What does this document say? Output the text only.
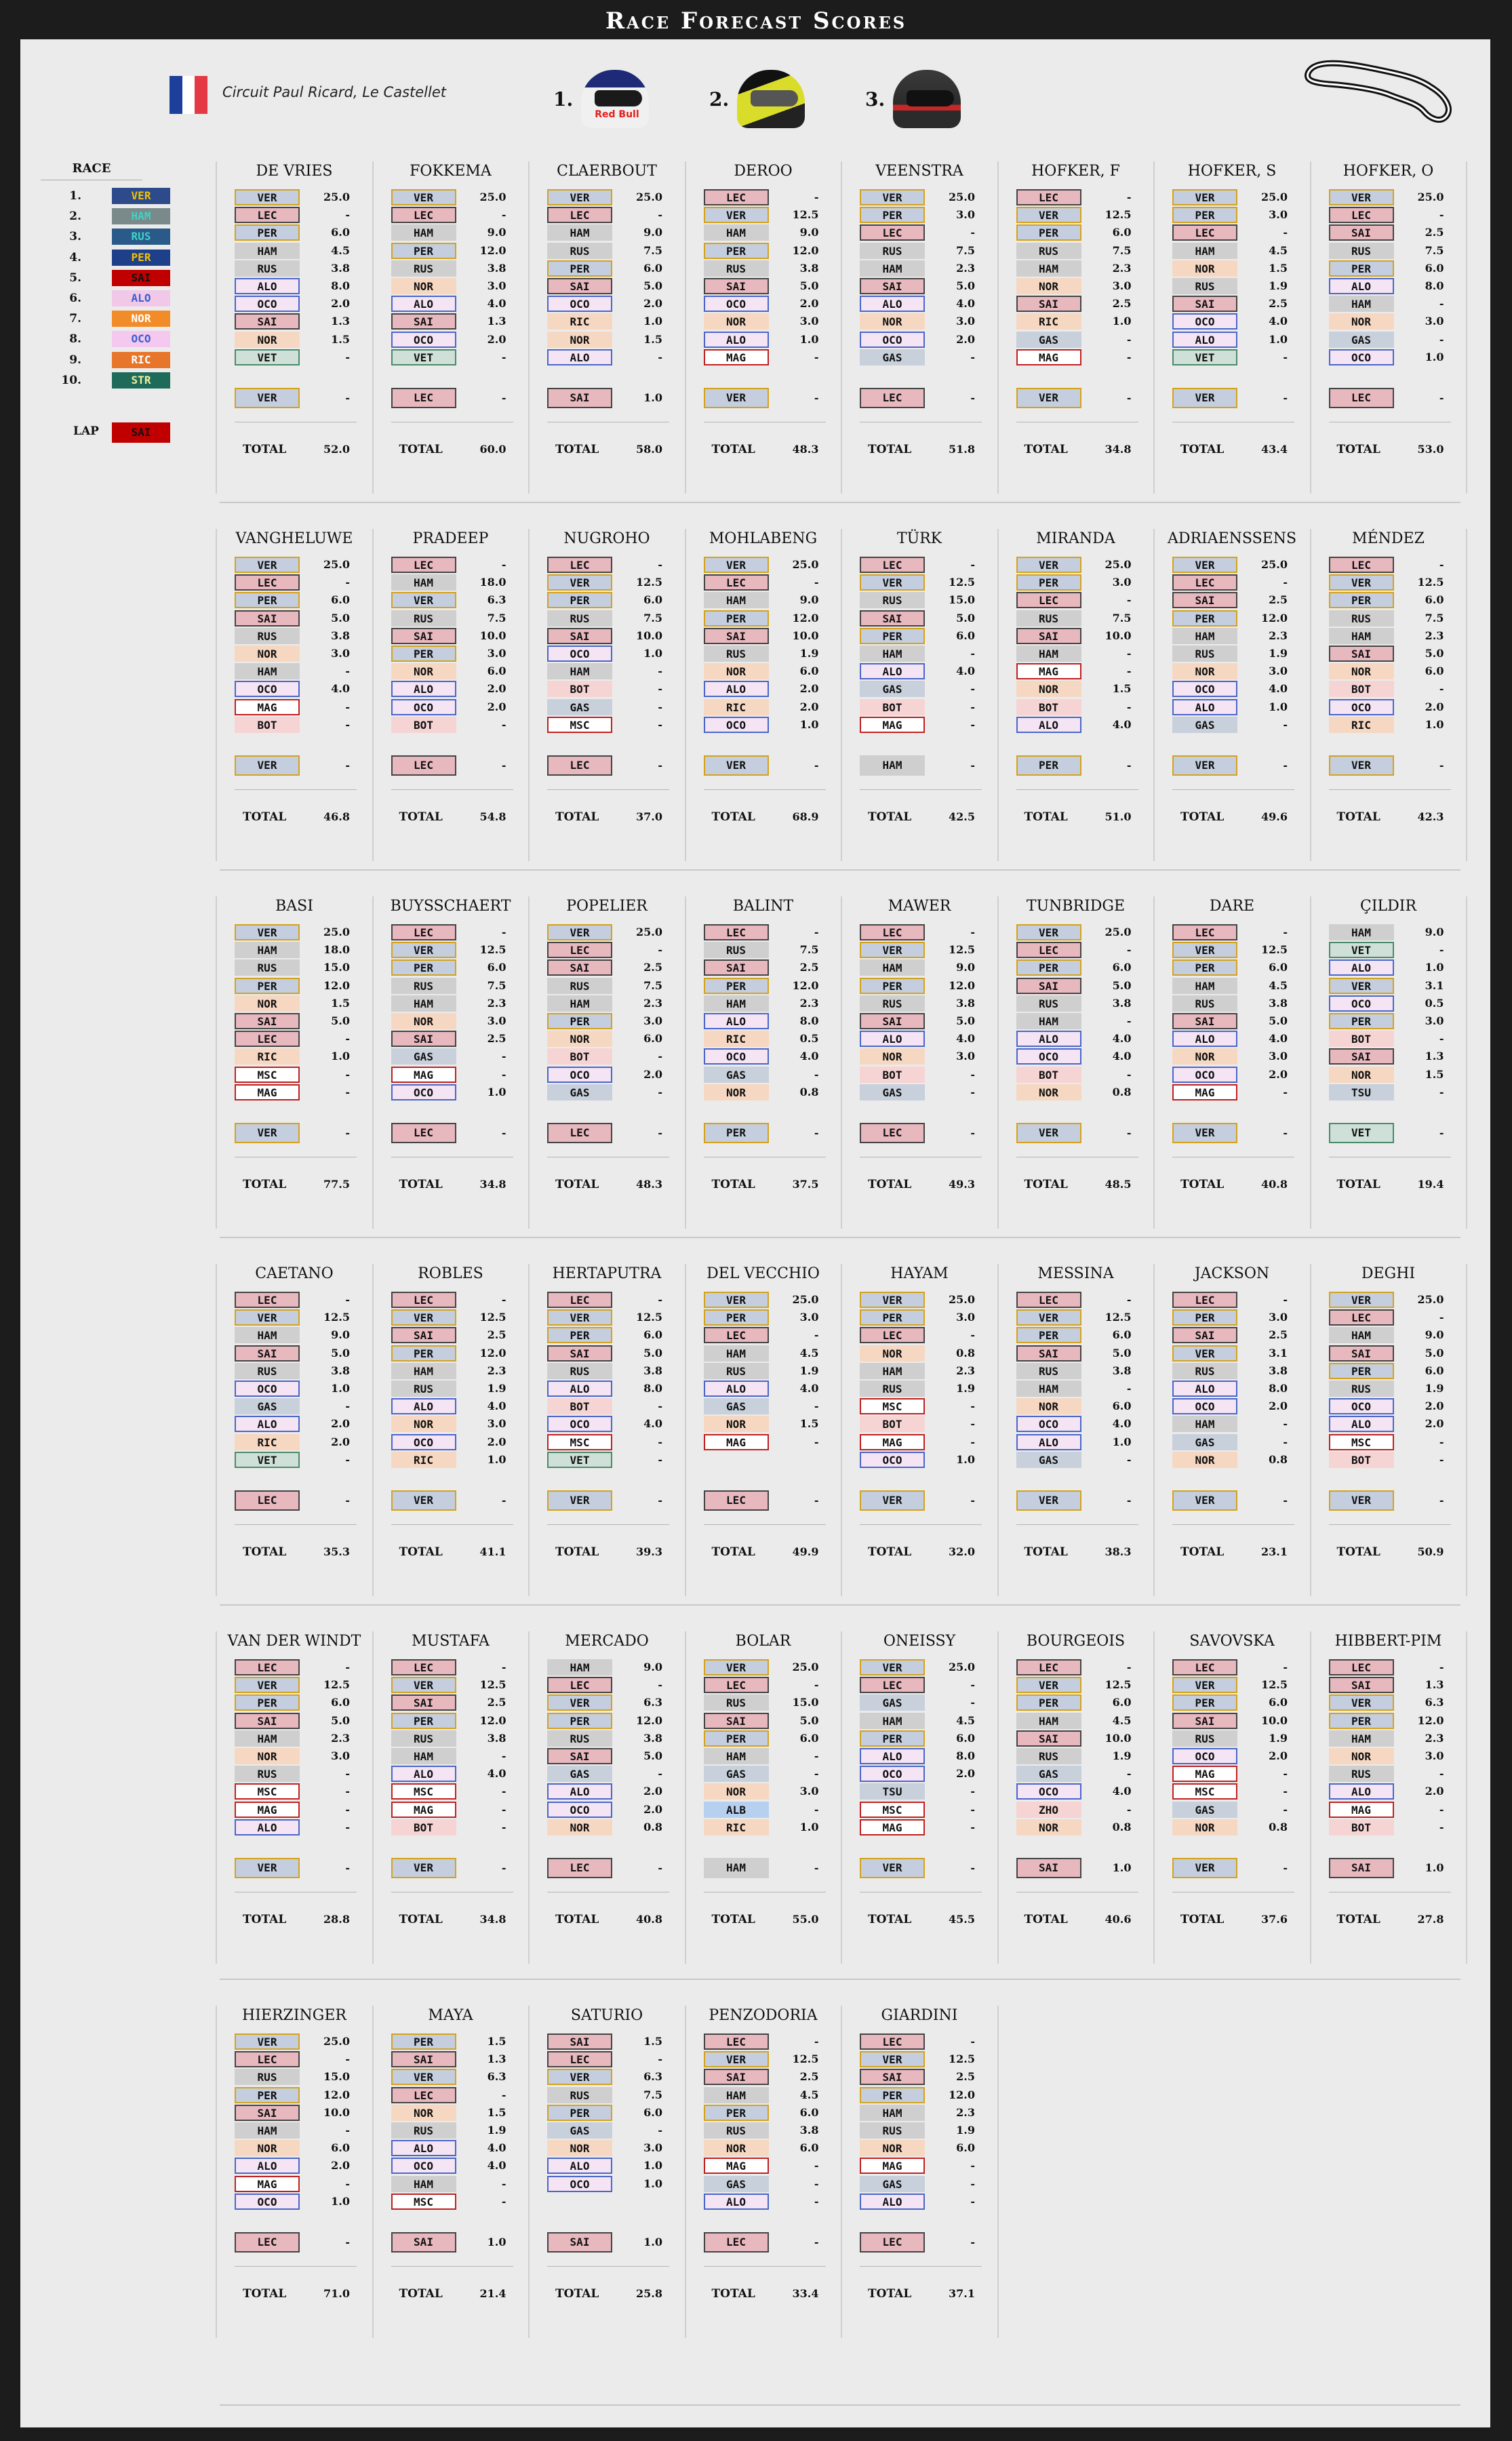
Race Forecast Scores
Circuit Paul Ricard, Le Castellet	1.
Red Bull
2.	3.
RACE
1.	VER
2.	HAM
3.	RUS
4.	PER
5.	SAI
6.	ALO
7.	NOR
8.	OCO
9.	RIC
10.	STR
LAP	SAI
DE VRIES
VER	25.0
LEC	-
PER	6.0
HAM	4.5
RUS	3.8
ALO	8.0
OCO	2.0
SAI	1.3
NOR	1.5
VET	-
VER	-
TOTAL	52.0
FOKKEMA
VER	25.0
LEC	-
HAM	9.0
PER	12.0
RUS	3.8
NOR	3.0
ALO	4.0
SAI	1.3
OCO	2.0
VET	-
LEC	-
TOTAL	60.0
CLAERBOUT
VER	25.0
LEC	-
HAM	9.0
RUS	7.5
PER	6.0
SAI	5.0
OCO	2.0
RIC	1.0
NOR	1.5
ALO	-
SAI	1.0
TOTAL	58.0
DEROO
LEC	-
VER	12.5
HAM	9.0
PER	12.0
RUS	3.8
SAI	5.0
OCO	2.0
NOR	3.0
ALO	1.0
MAG	-
VER	-
TOTAL	48.3
VEENSTRA
VER	25.0
PER	3.0
LEC	-
RUS	7.5
HAM	2.3
SAI	5.0
ALO	4.0
NOR	3.0
OCO	2.0
GAS	-
LEC	-
TOTAL	51.8
HOFKER, F
LEC	-
VER	12.5
PER	6.0
RUS	7.5
HAM	2.3
NOR	3.0
SAI	2.5
RIC	1.0
GAS	-
MAG	-
VER	-
TOTAL	34.8
HOFKER, S
VER	25.0
PER	3.0
LEC	-
HAM	4.5
NOR	1.5
RUS	1.9
SAI	2.5
OCO	4.0
ALO	1.0
VET	-
VER	-
TOTAL	43.4
HOFKER, O
VER	25.0
LEC	-
SAI	2.5
RUS	7.5
PER	6.0
ALO	8.0
HAM	-
NOR	3.0
GAS	-
OCO	1.0
LEC	-
TOTAL	53.0
VANGHELUWE
VER	25.0
LEC	-
PER	6.0
SAI	5.0
RUS	3.8
NOR	3.0
HAM	-
OCO	4.0
MAG	-
BOT	-
VER	-
TOTAL	46.8
PRADEEP
LEC	-
HAM	18.0
VER	6.3
RUS	7.5
SAI	10.0
PER	3.0
NOR	6.0
ALO	2.0
OCO	2.0
BOT	-
LEC	-
TOTAL	54.8
NUGROHO
LEC	-
VER	12.5
PER	6.0
RUS	7.5
SAI	10.0
OCO	1.0
HAM	-
BOT	-
GAS	-
MSC	-
LEC	-
TOTAL	37.0
MOHLABENG
VER	25.0
LEC	-
HAM	9.0
PER	12.0
SAI	10.0
RUS	1.9
NOR	6.0
ALO	2.0
RIC	2.0
OCO	1.0
VER	-
TOTAL	68.9
TÜRK
LEC	-
VER	12.5
RUS	15.0
SAI	5.0
PER	6.0
HAM	-
ALO	4.0
GAS	-
BOT	-
MAG	-
HAM	-
TOTAL	42.5
MIRANDA
VER	25.0
PER	3.0
LEC	-
RUS	7.5
SAI	10.0
HAM	-
MAG	-
NOR	1.5
BOT	-
ALO	4.0
PER	-
TOTAL	51.0
ADRIAENSSENS
VER	25.0
LEC	-
SAI	2.5
PER	12.0
HAM	2.3
RUS	1.9
NOR	3.0
OCO	4.0
ALO	1.0
GAS	-
VER	-
TOTAL	49.6
MÉNDEZ
LEC	-
VER	12.5
PER	6.0
RUS	7.5
HAM	2.3
SAI	5.0
NOR	6.0
BOT	-
OCO	2.0
RIC	1.0
VER	-
TOTAL	42.3
BASI
VER	25.0
HAM	18.0
RUS	15.0
PER	12.0
NOR	1.5
SAI	5.0
LEC	-
RIC	1.0
MSC	-
MAG	-
VER	-
TOTAL	77.5
BUYSSCHAERT
LEC	-
VER	12.5
PER	6.0
RUS	7.5
HAM	2.3
NOR	3.0
SAI	2.5
GAS	-
MAG	-
OCO	1.0
LEC	-
TOTAL	34.8
POPELIER
VER	25.0
LEC	-
SAI	2.5
RUS	7.5
HAM	2.3
PER	3.0
NOR	6.0
BOT	-
OCO	2.0
GAS	-
LEC	-
TOTAL	48.3
BALINT
LEC	-
RUS	7.5
SAI	2.5
PER	12.0
HAM	2.3
ALO	8.0
RIC	0.5
OCO	4.0
GAS	-
NOR	0.8
PER	-
TOTAL	37.5
MAWER
LEC	-
VER	12.5
HAM	9.0
PER	12.0
RUS	3.8
SAI	5.0
ALO	4.0
NOR	3.0
BOT	-
GAS	-
LEC	-
TOTAL	49.3
TUNBRIDGE
VER	25.0
LEC	-
PER	6.0
SAI	5.0
RUS	3.8
HAM	-
ALO	4.0
OCO	4.0
BOT	-
NOR	0.8
VER	-
TOTAL	48.5
DARE
LEC	-
VER	12.5
PER	6.0
HAM	4.5
RUS	3.8
SAI	5.0
ALO	4.0
NOR	3.0
OCO	2.0
MAG	-
VER	-
TOTAL	40.8
ÇILDIR
HAM	9.0
VET	-
ALO	1.0
VER	3.1
OCO	0.5
PER	3.0
BOT	-
SAI	1.3
NOR	1.5
TSU	-
VET	-
TOTAL	19.4
CAETANO
LEC	-
VER	12.5
HAM	9.0
SAI	5.0
RUS	3.8
OCO	1.0
GAS	-
ALO	2.0
RIC	2.0
VET	-
LEC	-
TOTAL	35.3
ROBLES
LEC	-
VER	12.5
SAI	2.5
PER	12.0
HAM	2.3
RUS	1.9
ALO	4.0
NOR	3.0
OCO	2.0
RIC	1.0
VER	-
TOTAL	41.1
HERTAPUTRA
LEC	-
VER	12.5
PER	6.0
SAI	5.0
RUS	3.8
ALO	8.0
BOT	-
OCO	4.0
MSC	-
VET	-
VER	-
TOTAL	39.3
DEL VECCHIO
VER	25.0
PER	3.0
LEC	-
HAM	4.5
RUS	1.9
ALO	4.0
GAS	-
NOR	1.5
MAG	-
LEC	-
TOTAL	49.9
HAYAM
VER	25.0
PER	3.0
LEC	-
NOR	0.8
HAM	2.3
RUS	1.9
MSC	-
BOT	-
MAG	-
OCO	1.0
VER	-
TOTAL	32.0
MESSINA
LEC	-
VER	12.5
PER	6.0
SAI	5.0
RUS	3.8
HAM	-
NOR	6.0
OCO	4.0
ALO	1.0
GAS	-
VER	-
TOTAL	38.3
JACKSON
LEC	-
PER	3.0
SAI	2.5
VER	3.1
RUS	3.8
ALO	8.0
OCO	2.0
HAM	-
GAS	-
NOR	0.8
VER	-
TOTAL	23.1
DEGHI
VER	25.0
LEC	-
HAM	9.0
SAI	5.0
PER	6.0
RUS	1.9
OCO	2.0
ALO	2.0
MSC	-
BOT	-
VER	-
TOTAL	50.9
VAN DER WINDT
LEC	-
VER	12.5
PER	6.0
SAI	5.0
HAM	2.3
NOR	3.0
RUS	-
MSC	-
MAG	-
ALO	-
VER	-
TOTAL	28.8
MUSTAFA
LEC	-
VER	12.5
SAI	2.5
PER	12.0
RUS	3.8
HAM	-
ALO	4.0
MSC	-
MAG	-
BOT	-
VER	-
TOTAL	34.8
MERCADO
HAM	9.0
LEC	-
VER	6.3
PER	12.0
RUS	3.8
SAI	5.0
GAS	-
ALO	2.0
OCO	2.0
NOR	0.8
LEC	-
TOTAL	40.8
BOLAR
VER	25.0
LEC	-
RUS	15.0
SAI	5.0
PER	6.0
HAM	-
GAS	-
NOR	3.0
ALB	-
RIC	1.0
HAM	-
TOTAL	55.0
ONEISSY
VER	25.0
LEC	-
GAS	-
HAM	4.5
PER	6.0
ALO	8.0
OCO	2.0
TSU	-
MSC	-
MAG	-
VER	-
TOTAL	45.5
BOURGEOIS
LEC	-
VER	12.5
PER	6.0
HAM	4.5
SAI	10.0
RUS	1.9
GAS	-
OCO	4.0
ZHO	-
NOR	0.8
SAI	1.0
TOTAL	40.6
SAVOVSKA
LEC	-
VER	12.5
PER	6.0
SAI	10.0
RUS	1.9
OCO	2.0
MAG	-
MSC	-
GAS	-
NOR	0.8
VER	-
TOTAL	37.6
HIBBERT-PIM
LEC	-
SAI	1.3
VER	6.3
PER	12.0
HAM	2.3
NOR	3.0
RUS	-
ALO	2.0
MAG	-
BOT	-
SAI	1.0
TOTAL	27.8
HIERZINGER
VER	25.0
LEC	-
RUS	15.0
PER	12.0
SAI	10.0
HAM	-
NOR	6.0
ALO	2.0
MAG	-
OCO	1.0
LEC	-
TOTAL	71.0
MAYA
PER	1.5
SAI	1.3
VER	6.3
LEC	-
NOR	1.5
RUS	1.9
ALO	4.0
OCO	4.0
HAM	-
MSC	-
SAI	1.0
TOTAL	21.4
SATURIO
SAI	1.5
LEC	-
VER	6.3
RUS	7.5
PER	6.0
GAS	-
NOR	3.0
ALO	1.0
OCO	1.0
SAI	1.0
TOTAL	25.8
PENZODORIA
LEC	-
VER	12.5
SAI	2.5
HAM	4.5
PER	6.0
RUS	3.8
NOR	6.0
MAG	-
GAS	-
ALO	-
LEC	-
TOTAL	33.4
GIARDINI
LEC	-
VER	12.5
SAI	2.5
PER	12.0
HAM	2.3
RUS	1.9
NOR	6.0
MAG	-
GAS	-
ALO	-
LEC	-
TOTAL	37.1
